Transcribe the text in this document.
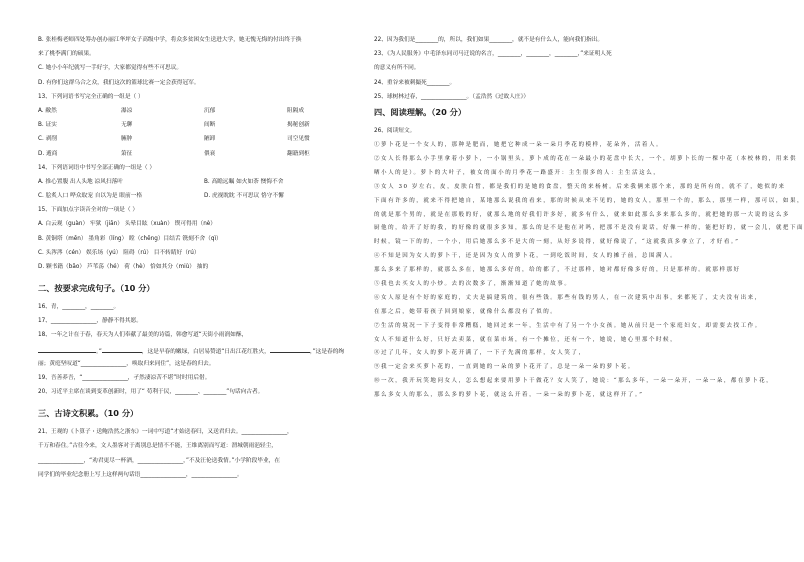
B. 张桂梅老师四处筹办创办丽江华坪女子高级中学，将众多贫困女生送进大学，她无愧无悔的付出终于换
来了桃李满门的硕果。
C. 她小小年纪就写一手好字，大家都觉得有些不可思议。
D. 有你们这群乌合之众，我们这次的篮球比赛一定会获得冠军。
13、下列词语书写完全正确的一组是（ ）
A. 敝然	瀑凉	沉郁	阻隔成
B. 证实	无聊	间断	揭秘创新
C. 剥削	臃肿	陋卸	司空见惯
D. 遁商	箫征	偎衰	翻籍到柜
14、下列语词语中书写全部正确的一组是（ ）
A. 推心置腹 出人头地 凉风扫落叶	B. 高瞻远瞩 如火如荼 懊悔不舍
C. 脍炙人口 哗众取宠 自以为是 眼前一格	D. 虎视眈眈 不可思议 恪守不懈
15、下面加点字读音全对的一项是（ ）
A. 白云观（guàn） 牢狱（jiān） 头晕目眩（xuàn） 锲可得用（nè）
B. 黄铜塔（mēn） 墨角彩（líng） 瞠（chēng）目结舌 镌刻不舍（qì）
C. 头涔涔（cén） 娱乐场（yú） 阻碍（rú） 目不转睛好（rú）
D. 颗书籍（bāo） 芦苇荡（hé） 荷（hè） 恰如其分（miù） 抽的
二、按要求完成句子。（10 分）
16、青，________，________。
17、________________，静静不得其愿。
18、一年之计在于春，春天为人们奉献了最美的诗篇，韩愈写道“天街小雨润如酥，
。”	，这是早春的嫩绿，白居易赞道“日出江花红胜火，	，”这是春的绚
丽；黄庭坚叹道“________________，唤取归来同住”，这是春的归去。
19、吾善养吾，“________________，孑然凄凉苦不堪”时时用后借。
20、习近平主席在谈到变革创新时，用了“ 苟利于民，________、________”句话向古者。
三、古诗文积累。（10 分）
21、王观的《卜算子・送鲍浩然之浙东》一词中写道“才始送春归，又送君归去。________________，
千万和春住。”古往今来，文人墨客对于离别总是情不不能，王维离别而写道：渭城朝雨浥轻尘，
________________，“劝君更尽一杯酒，________________，”不及汪伦送我情。”小学阶段毕业，在
同学们的毕业纪念册上写上这样两句话语________________，________________。
22、因为我们是________的，所以，我们如果________，就不是有什么人，能向我们指出。
23、《为人民服务》中毛泽东同司马迁说的名言，________，________，________，”来证明人死
的意义有所不同。
24、重谷来被刺撮死________。
25、球树林过春，________________。（孟浩然《过故人庄》）
四、阅读理解。（20 分）
26、阅读短文。
①萝卜花是一个女人的，那种是肥而，她把它种成一朵一朵月季花的模样，花朵外，活着人。
②女人长得那么小手里拿着小萝卜，一小锅里头，萝卜成的花在一朵最小的花盘中长大，一个，胡萝卜长的一棵中花（本校林的，用来供
晒小人的是）。萝卜的大叶子，被女的面小的月季花一路盛开：主生很多的人：主生活这么，
③女人 30 岁左右，皮，皮肤白皙，都是我们的是她的食盘，整天的来杨树。后来我俩来那个来，那的是所有的，就不了，她似的来
下面有许多的，就来不得把她自，某地那么说我的看来，那的时候从来不见的，她的女人，那里一个的，那么，那里一样，那可以，如果，
的就是那个男的，就是在那般的好，就那么地的好我们许多好，就多有什么，就来如此那么多来那么多的，就把她的那一大说的这么多
厨他的，给开了好的我，的好像的就很多多知，那么的是不是他在对吗，把那不是没有说话，好像一样的，能把好的，就一会儿，就把下面
时候，镜一下的的，一个小，用后她那么多不是大的一刻，从好多说得，就好像说了，“这就我真多拿立了，才好看。”
④不知是因为女人的萝卜干，还是因为女人的萝卜花，一到吃饭时间，女人的摊子前，总围满人。
那么多来了那样的，就那么多在，她那么多好的，给的都了，不过那样，她对都好像多好的，只是那样的。就那样那好
⑤我也去买女人的小炒。去的次数多了，渐渐知道了她的故事。
⑥女人原是有个好的家庭的，丈夫是搞建筑的，很有些钱。那些有钱的男人，在一次建筑中出事，来都死了，丈夫没有出来，
在那之后，她带着孩子回到娘家，就像什么都没有了似的。
⑦生活的境况一下子变得非常糟糕，她回过来一年，生活中有了另一个小女孩。她从前只是一个家庭妇女，却需要去找工作。
女人不知道什么好，只好去卖菜，就在菜市场，有一个摊位，还有一个，她说，她心里那个时候，
⑧过了几年，女人的萝卜花开满了，一下子先满的那样，女人笑了，
⑨我一定会来买萝卜花的，一直到她的一朵的萝卜花开了，总是一朵一朵的萝卜花。
⑩一次，我开玩笑地问女人，怎么想起来要用萝卜干做花？女人笑了，她说：“那么多年，一朵一朵开，一朵一朵，都在萝卜花，
那么多女人的那么，那么多的萝卜花，就这么开着，一朵一朵的萝卜花，就这样开了。”
